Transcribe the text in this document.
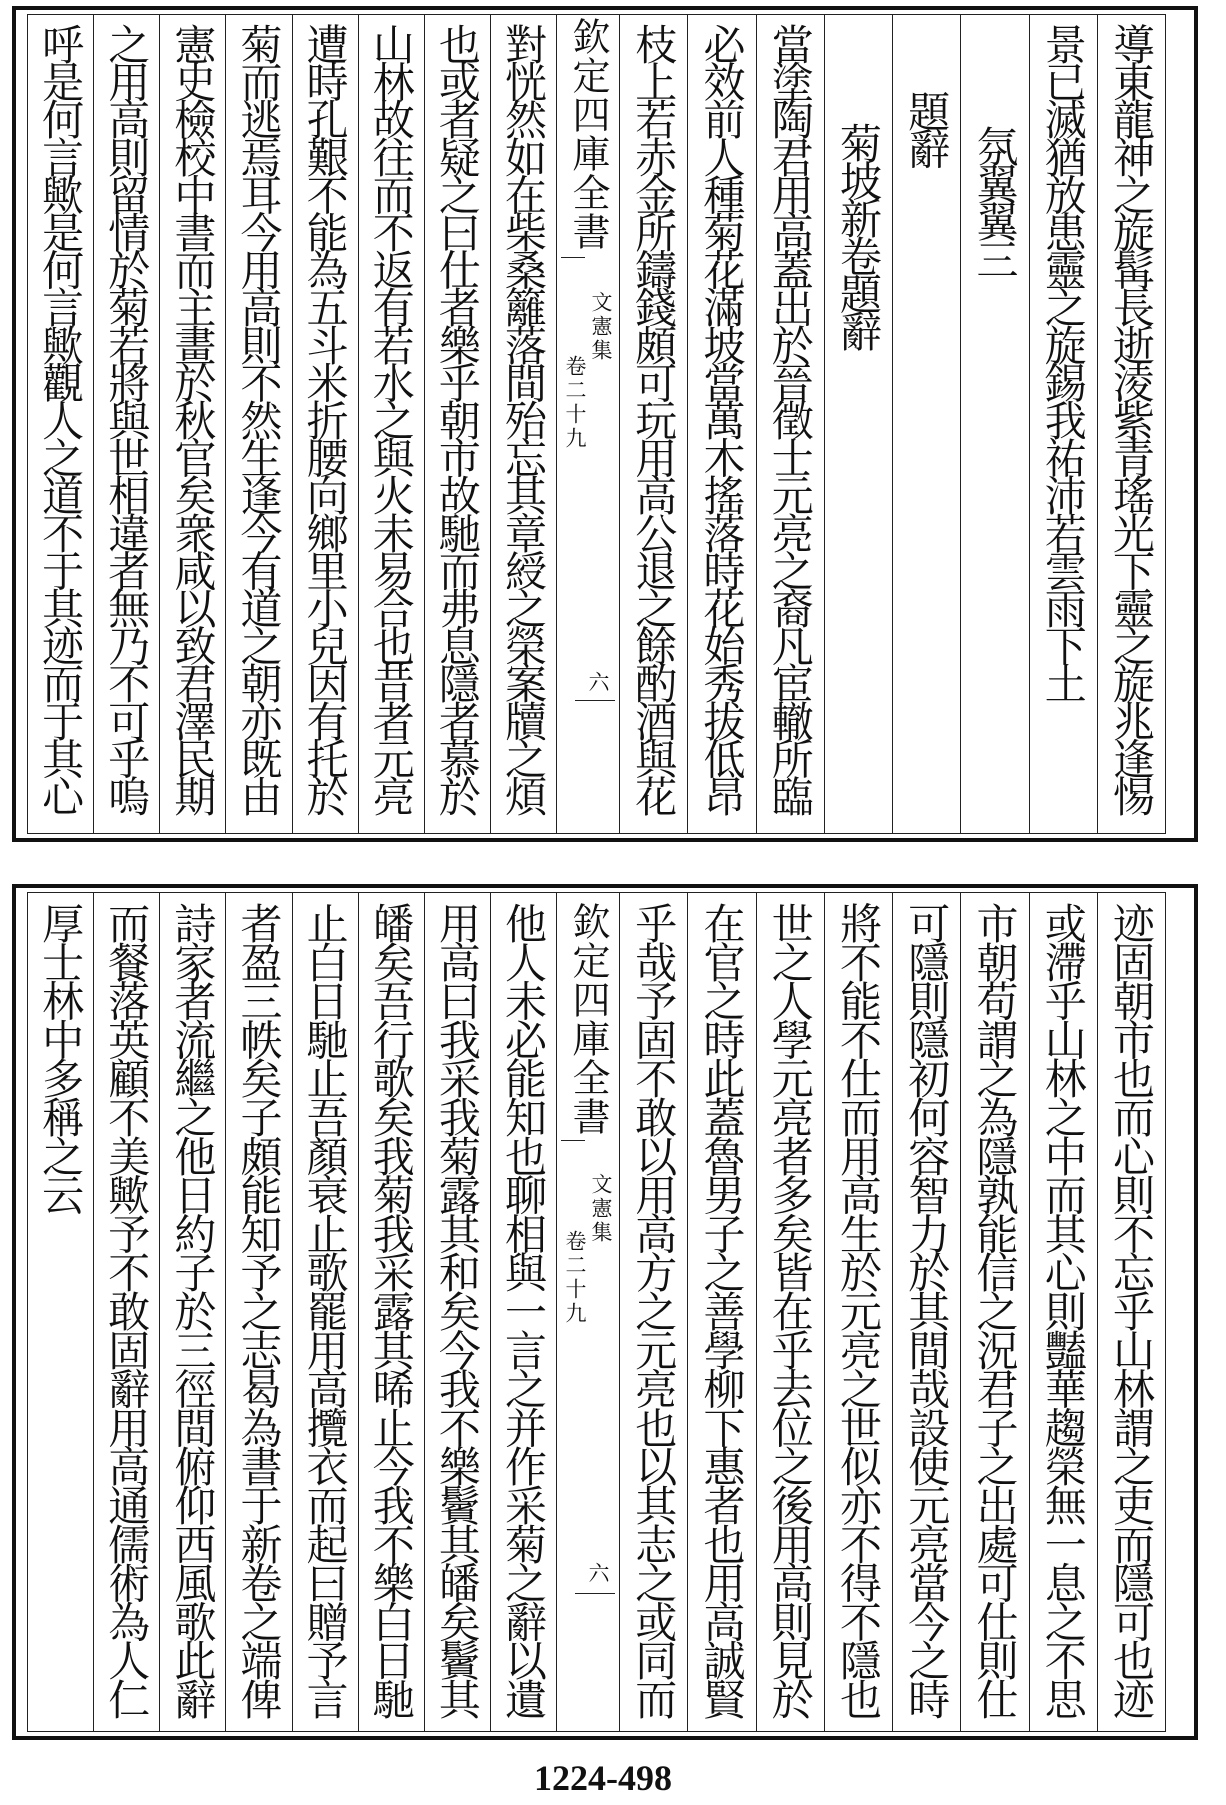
導東龍神之旋髯長逝淩紫青瑤光下靈之旋兆逢惕
景已滅猶放患靈之旋錫我祐沛若雲雨下土
氛翼翼三
題辭
菊坡新卷題辭
當塗陶君用高蓋出於晉徵士元亮之裔凡宦轍所臨
必效前人種菊花滿坡當萬木搖落時花始秀拔低昂
枝上若赤金所鑄錢頗可玩用高公退之餘酌酒與花
欽定四庫全書
文憲集
卷二十九
六
對恍然如在柴桑籬落間殆忘其章綬之榮案牘之煩
也或者疑之曰仕者樂乎朝市故馳而弗息隱者慕於
山林故往而不返有若水之與火未易合也昔者元亮
遭時孔艱不能為五斗米折腰向鄉里小兒因有托於
菊而逃焉耳今用高則不然生逢今有道之朝亦既由
憲史檢校中書而主畫於秋官矣衆咸以致君澤民期
之用高則留情於菊若將與世相違者無乃不可乎嗚
呼是何言歟是何言歟觀人之道不于其迹而于其心
迹固朝市也而心則不忘乎山林謂之吏而隱可也迹
或滯乎山林之中而其心則豔華趨榮無一息之不思
市朝苟謂之為隱孰能信之況君子之出處可仕則仕
可隱則隱初何容智力於其間哉設使元亮當今之時
將不能不仕而用高生於元亮之世似亦不得不隱也
世之人學元亮者多矣皆在乎去位之後用高則見於
在官之時此蓋魯男子之善學柳下惠者也用高誠賢
乎哉予固不敢以用高方之元亮也以其志之或同而
欽定四庫全書
文憲集
卷二十九
六
他人未必能知也聊相與一言之并作采菊之辭以遺
用高曰我采我菊露其和矣今我不樂鬢其皤矣鬢其
皤矣吾行歌矣我菊我采露其晞止今我不樂白日馳
止白日馳止吾顏衰止歌罷用高攬衣而起曰贈予言
者盈三帙矣子頗能知予之志曷為書于新卷之端俾
詩家者流繼之他日約子於三徑間俯仰西風歌此辭
而餐落英顧不美歟予不敢固辭用高通儒術為人仁
厚士林中多稱之云
1224-498
